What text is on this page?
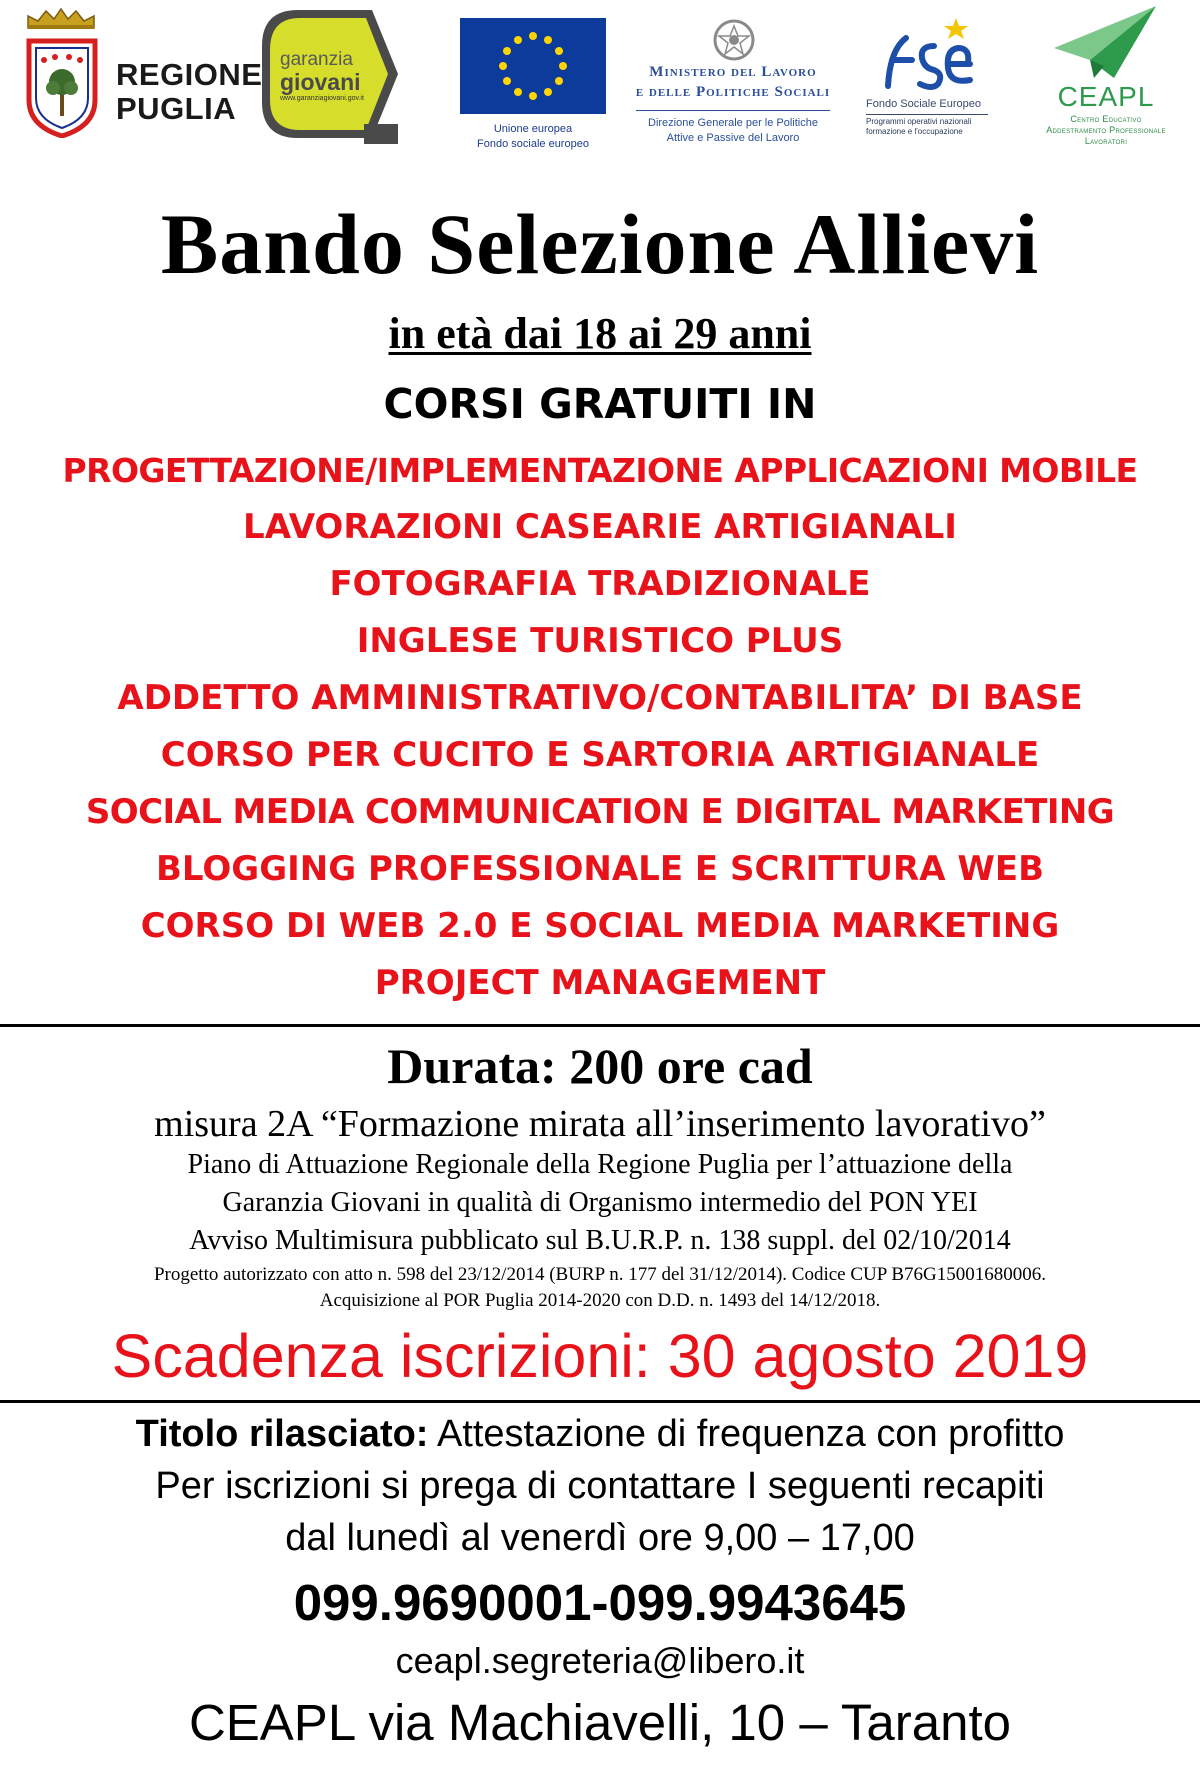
REGIONE
PUGLIA
garanzia
giovani
www.garanziagiovani.gov.it
Unione europea
Fondo sociale europeo
Ministero del Lavoro
e delle Politiche Sociali
Direzione Generale per le Politiche
Attive e Passive del Lavoro
Fondo Sociale Europeo
Programmi operativi nazionali
formazione e l'occupazione
CEAPL
Centro Educativo
Addestramento Professionale
Lavoratori
Bando Selezione Allievi
in età dai 18 ai 29 anni
CORSI GRATUITI IN
PROGETTAZIONE/IMPLEMENTAZIONE APPLICAZIONI MOBILE
LAVORAZIONI CASEARIE ARTIGIANALI
FOTOGRAFIA TRADIZIONALE
INGLESE TURISTICO PLUS
ADDETTO AMMINISTRATIVO/CONTABILITA’ DI BASE
CORSO PER CUCITO E SARTORIA ARTIGIANALE
SOCIAL MEDIA COMMUNICATION E DIGITAL MARKETING
BLOGGING PROFESSIONALE E SCRITTURA WEB
CORSO DI WEB 2.0 E SOCIAL MEDIA MARKETING
PROJECT MANAGEMENT
Durata: 200 ore cad
misura 2A “Formazione mirata all’inserimento lavorativo”
Piano di Attuazione Regionale della Regione Puglia per l’attuazione della
Garanzia Giovani in qualità di Organismo intermedio del PON YEI
Avviso Multimisura pubblicato sul B.U.R.P. n. 138 suppl. del 02/10/2014
Progetto autorizzato con atto n. 598 del 23/12/2014 (BURP n. 177 del 31/12/2014). Codice CUP B76G15001680006.
Acquisizione al POR Puglia 2014-2020 con D.D. n. 1493 del 14/12/2018.
Scadenza iscrizioni: 30 agosto 2019
Titolo rilasciato: Attestazione di frequenza con profitto
Per iscrizioni si prega di contattare I seguenti recapiti
dal lunedì al venerdì ore 9,00 – 17,00
099.9690001-099.9943645
ceapl.segreteria@libero.it
CEAPL via Machiavelli, 10 – Taranto
